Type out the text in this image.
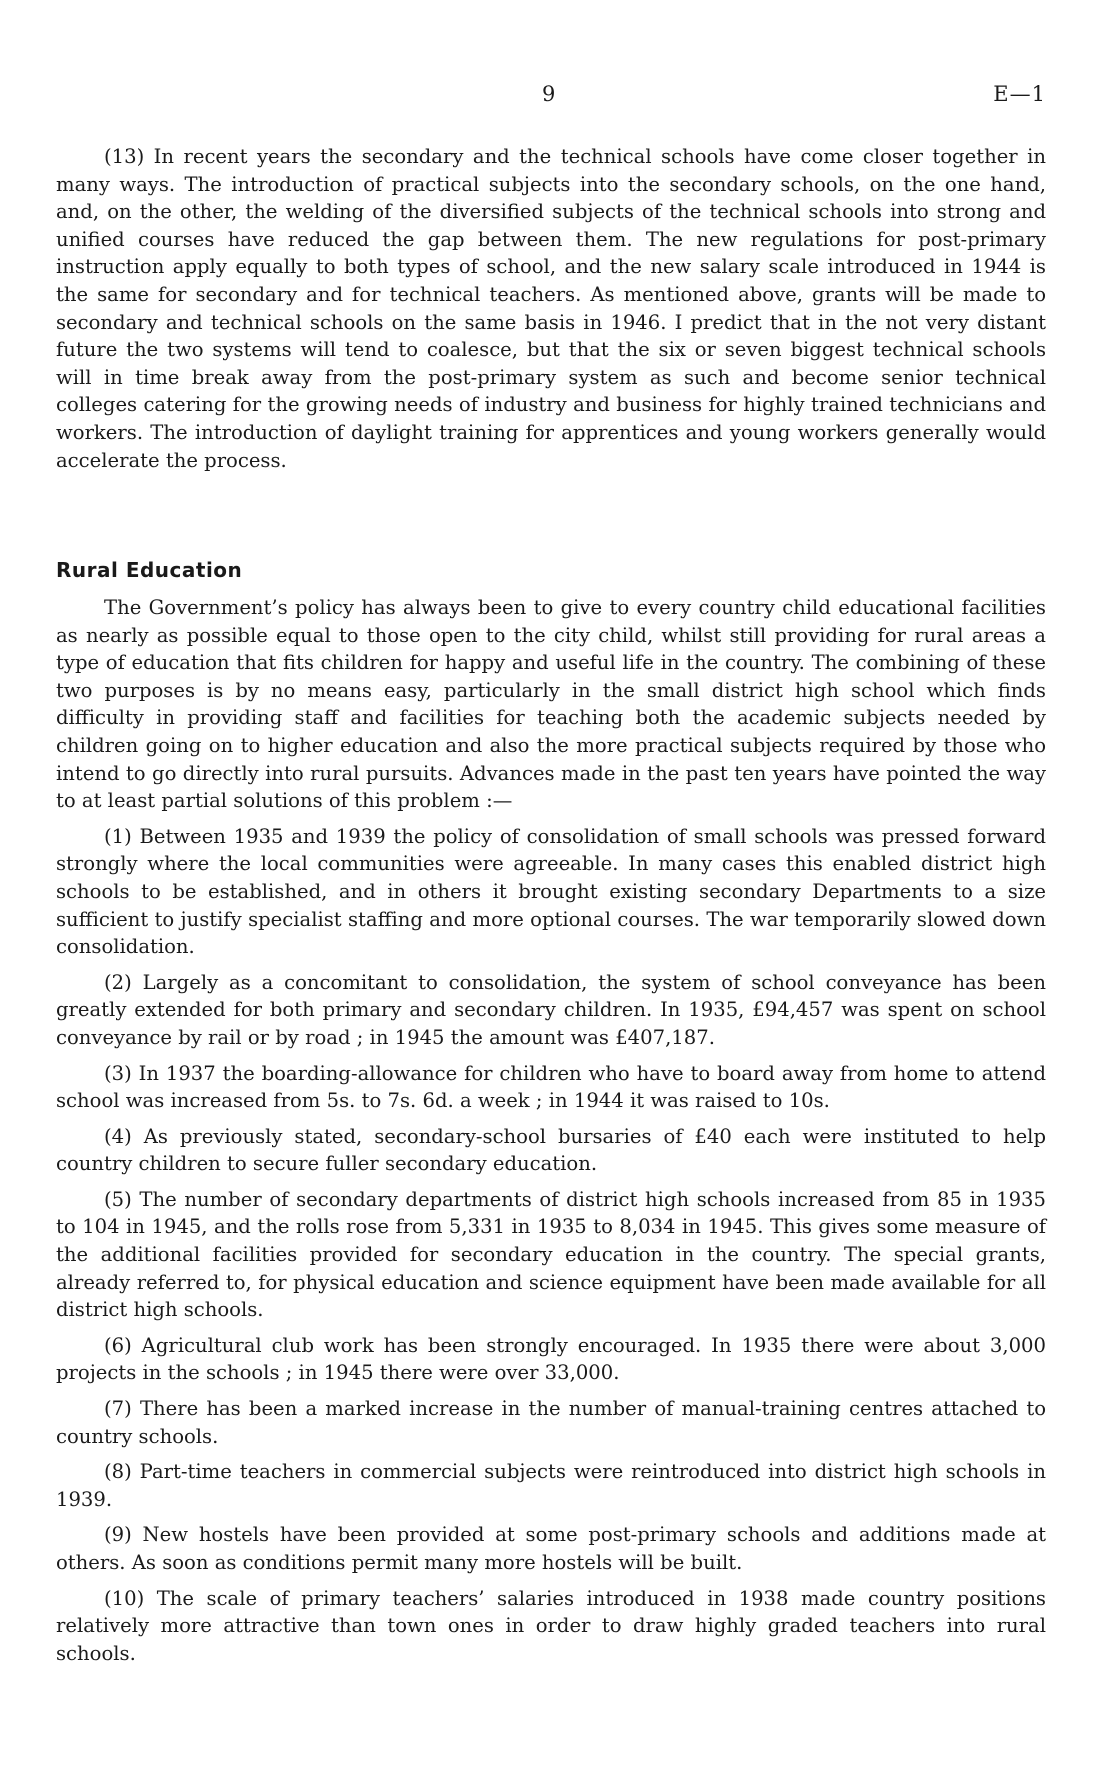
9	E—1

(13) In recent years the secondary and the technical schools have come closer together in many ways. The introduction of practical subjects into the secondary schools, on the one hand, and, on the other, the welding of the diversified subjects of the technical schools into strong and unified courses have reduced the gap between them. The new regulations for post-primary instruction apply equally to both types of school, and the new salary scale introduced in 1944 is the same for secondary and for technical teachers. As mentioned above, grants will be made to secondary and technical schools on the same basis in 1946. I predict that in the not very distant future the two systems will tend to coalesce, but that the six or seven biggest technical schools will in time break away from the post-primary system as such and become senior technical colleges catering for the growing needs of industry and business for highly trained technicians and workers. The introduction of daylight training for apprentices and young workers generally would accelerate the process.

Rural Education

The Government’s policy has always been to give to every country child educational facilities as nearly as possible equal to those open to the city child, whilst still providing for rural areas a type of education that fits children for happy and useful life in the country. The combining of these two purposes is by no means easy, particularly in the small district high school which finds difficulty in providing staff and facilities for teaching both the academic subjects needed by children going on to higher education and also the more practical subjects required by those who intend to go directly into rural pursuits. Advances made in the past ten years have pointed the way to at least partial solutions of this problem :—

(1) Between 1935 and 1939 the policy of consolidation of small schools was pressed forward strongly where the local communities were agreeable. In many cases this enabled district high schools to be established, and in others it brought existing secondary Departments to a size sufficient to justify specialist staffing and more optional courses. The war temporarily slowed down consolidation.

(2) Largely as a concomitant to consolidation, the system of school conveyance has been greatly extended for both primary and secondary children. In 1935, £94,457 was spent on school conveyance by rail or by road ; in 1945 the amount was £407,187.

(3) In 1937 the boarding-allowance for children who have to board away from home to attend school was increased from 5s. to 7s. 6d. a week ; in 1944 it was raised to 10s.

(4) As previously stated, secondary-school bursaries of £40 each were instituted to help country children to secure fuller secondary education.

(5) The number of secondary departments of district high schools increased from 85 in 1935 to 104 in 1945, and the rolls rose from 5,331 in 1935 to 8,034 in 1945. This gives some measure of the additional facilities provided for secondary education in the country. The special grants, already referred to, for physical education and science equipment have been made available for all district high schools.

(6) Agricultural club work has been strongly encouraged. In 1935 there were about 3,000 projects in the schools ; in 1945 there were over 33,000.

(7) There has been a marked increase in the number of manual-training centres attached to country schools.

(8) Part-time teachers in commercial subjects were reintroduced into district high schools in 1939.

(9) New hostels have been provided at some post-primary schools and additions made at others. As soon as conditions permit many more hostels will be built.

(10) The scale of primary teachers’ salaries introduced in 1938 made country positions relatively more attractive than town ones in order to draw highly graded teachers into rural schools.
